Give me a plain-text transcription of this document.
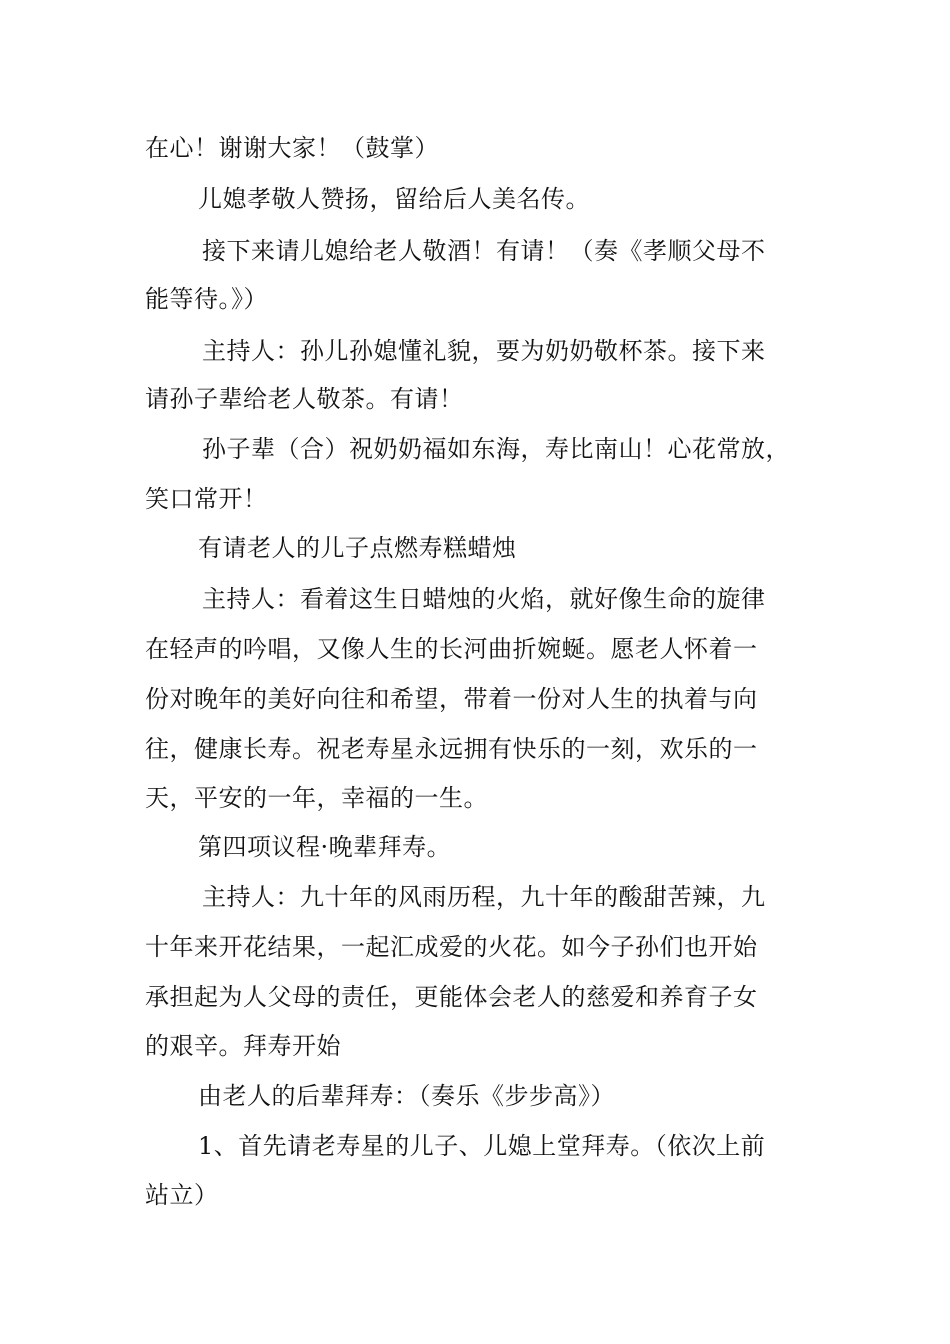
在心！谢谢大家！（鼓掌）
儿媳孝敬人赞扬，留给后人美名传。
接下来请儿媳给老人敬酒！有请！（奏《孝顺父母不
能等待。》）
主持人：孙儿孙媳懂礼貌，要为奶奶敬杯茶。接下来
请孙子辈给老人敬茶。有请！
孙子辈（合）祝奶奶福如东海，寿比南山！心花常放，
笑口常开！
有请老人的儿子点燃寿糕蜡烛
主持人：看着这生日蜡烛的火焰，就好像生命的旋律
在轻声的吟唱，又像人生的长河曲折婉蜒。愿老人怀着一
份对晚年的美好向往和希望，带着一份对人生的执着与向
往，健康长寿。祝老寿星永远拥有快乐的一刻，欢乐的一
天，平安的一年，幸福的一生。
第四项议程·晚辈拜寿。
主持人：九十年的风雨历程，九十年的酸甜苦辣，九
十年来开花结果，一起汇成爱的火花。如今子孙们也开始
承担起为人父母的责任，更能体会老人的慈爱和养育子女
的艰辛。拜寿开始
由老人的后辈拜寿：（奏乐《步步高》）
1、首先请老寿星的儿子、儿媳上堂拜寿。（依次上前
站立）
